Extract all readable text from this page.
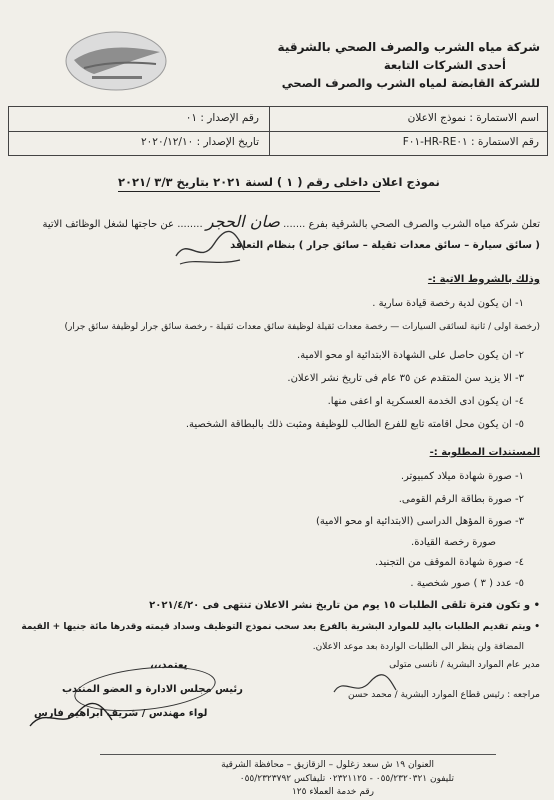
شركة مياه الشرب والصرف الصحي بالشرقية
أحدى الشركات التابعة
للشركة القابضة لمياه الشرب والصرف الصحي
اسم الاستمارة : نموذج الاعلان
رقم الاستمارة : HR-RE٠١-F٠١
رقم الإصدار : ٠١
تاريخ الإصدار : ٢٠٢٠/١٢/١٠
نموذج اعلان داخلى رقم ( ١ ) لسنة ٢٠٢١ بتاريخ ٣/٣ /٢٠٢١
تعلن شركة مياه الشرب والصرف الصحي بالشرقية بفرع ....... صان الحجر ........ عن حاجتها لشغل الوظائف الاتية
( سائق سيارة – سائق معدات ثقيلة – سائق جرار ) بنظام التعاقد
وذلك بالشروط الاتية :-
١- ان يكون لدية رخصة قيادة سارية .
(رخصة اولى / ثانية لسائقى السيارات — رخصة معدات ثقيلة لوظيفة سائق معدات ثقيلة - رخصة سائق جرار لوظيفة سائق جرار)
٢- ان يكون حاصل على الشهادة الابتدائية او محو الامية.
٣- الا يزيد سن المتقدم عن ٣٥ عام فى تاريخ نشر الاعلان.
٤- ان يكون ادى الخدمة العسكرية او اعفى منها.
٥- ان يكون محل اقامته تابع للفرع الطالب للوظيفة ومثبت ذلك بالبطاقة الشخصية.
المستندات المطلوبة :-
١- صورة شهادة ميلاد كمبيوتر.
٢- صورة بطاقة الرقم القومى.
٣- صورة المؤهل الدراسى (الابتدائية او محو الامية)
صورة رخصة القيادة.
٤- صورة شهادة الموقف من التجنيد.
٥- عدد ( ٣ ) صور شخصية .
• و تكون فترة تلقى الطلبات ١٥ يوم من تاريخ نشر الاعلان تنتهى فى ٢٠٢١/٤/٢٠
• ويتم تقديم الطلبات باليد للموارد البشرية بالفرع بعد سحب نموذج التوظيف وسداد قيمته وقدرها مائة جنيها + القيمة
المضافة ولن ينظر الى الطلبات الواردة بعد موعد الاعلان.
يعتمد،،،
رئيس مجلس الادارة و العضو المنتدب
لواء مهندس / شريف ابراهيم فارس
مدير عام الموارد البشرية / نانسى متولى
مراجعه : رئيس قطاع الموارد البشرية / محمد حسن
العنوان ١٩ ش سعد زغلول – الزقازيق – محافظة الشرقية
تليفون ٠٥٥/٢٣٢٠٣٢١ - ٠٢٣٢١١٢٥ تليفاكس ٠٥٥/٢٣٢٣٧٩٢
رقم خدمة العملاء ١٢٥
